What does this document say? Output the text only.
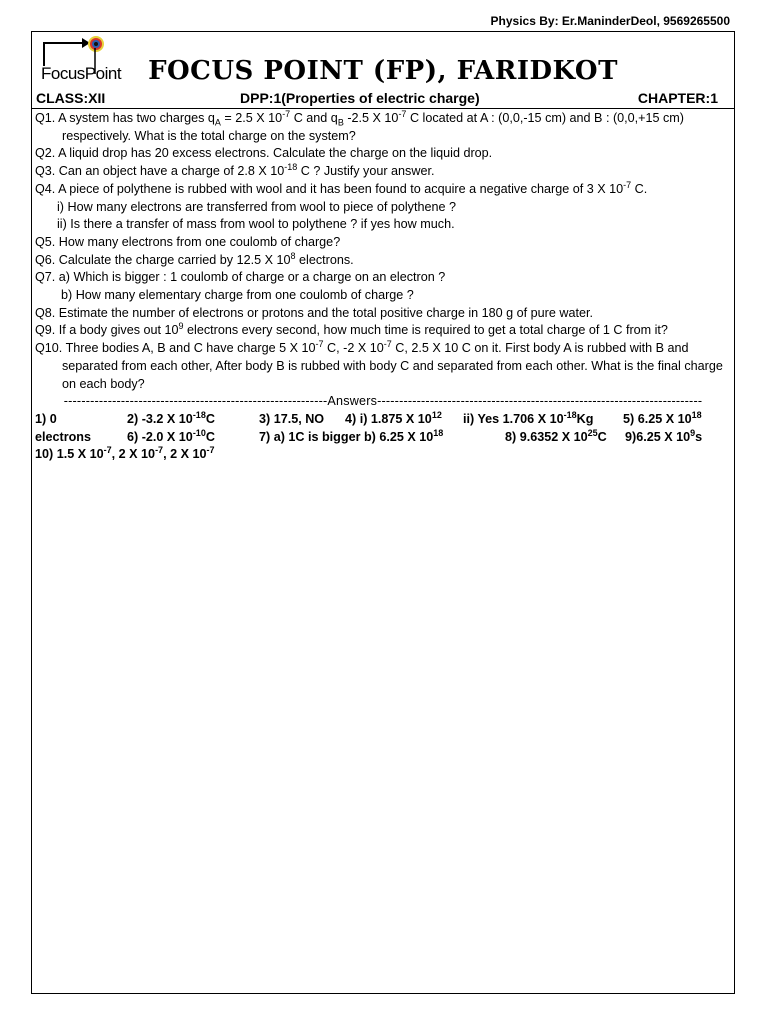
Physics By: Er.ManinderDeol, 9569265500
FocusPoint	FOCUS POINT (FP), FARIDKOT
CLASS:XII	DPP:1(Properties of electric charge)	CHAPTER:1
Q1. A system has two charges $q_A = 2.5$ X $10^{-7}$ C and $q_B$ -2.5 X $10^{-7}$ C located at A : (0,0,-15 cm) and B : (0,0,+15 cm) respectively. What is the total charge on the system?
Q2. A liquid drop has 20 excess electrons. Calculate the charge on the liquid drop.
Q3. Can an object have a charge of 2.8 X $10^{-18}$ C ? Justify your answer.
Q4. A piece of polythene is rubbed with wool and it has been found to acquire a negative charge of 3 X $10^{-7}$ C.
i) How many electrons are transferred from wool to piece of polythene ?
ii) Is there a transfer of mass from wool to polythene ? if yes how much.
Q5. How many electrons from one coulomb of charge?
Q6. Calculate the charge carried by 12.5 X $10^8$ electrons.
Q7. a) Which is bigger : 1 coulomb of charge or a charge on an electron ?
b) How many elementary charge from one coulomb of charge ?
Q8. Estimate the number of electrons or protons and the total positive charge in 180 g of pure water.
Q9. If a body gives out $10^9$ electrons every second, how much time is required to get a total charge of 1 C from it?
Q10. Three bodies A, B and C have charge 5 X $10^{-7}$ C, -2 X $10^{-7}$ C, 2.5 X 10 C on it. First body A is rubbed with B and separated from each other, After body B is rubbed with body C and separated from each other. What is the final charge on each body?
------------------------------------------------------------Answers--------------------------------------------------------------------------
1) 0	2) -3.2 X $10^{-18}C$	3) 17.5, NO 4) i) 1.875 X $10^{12}$ ii) Yes 1.706 X $10^{-18}Kg$ 5) 6.25 X $10^{18}$
electrons	6) -2.0 X $10^{-10}C$	7) a) 1C is bigger b) 6.25 X $10^{18}$	8) 9.6352 X $10^{25}C$ 9)6.25 X $10^9s$
10) 1.5 X $10^{-7}$, 2 X $10^{-7}$, 2 X $10^{-7}$
